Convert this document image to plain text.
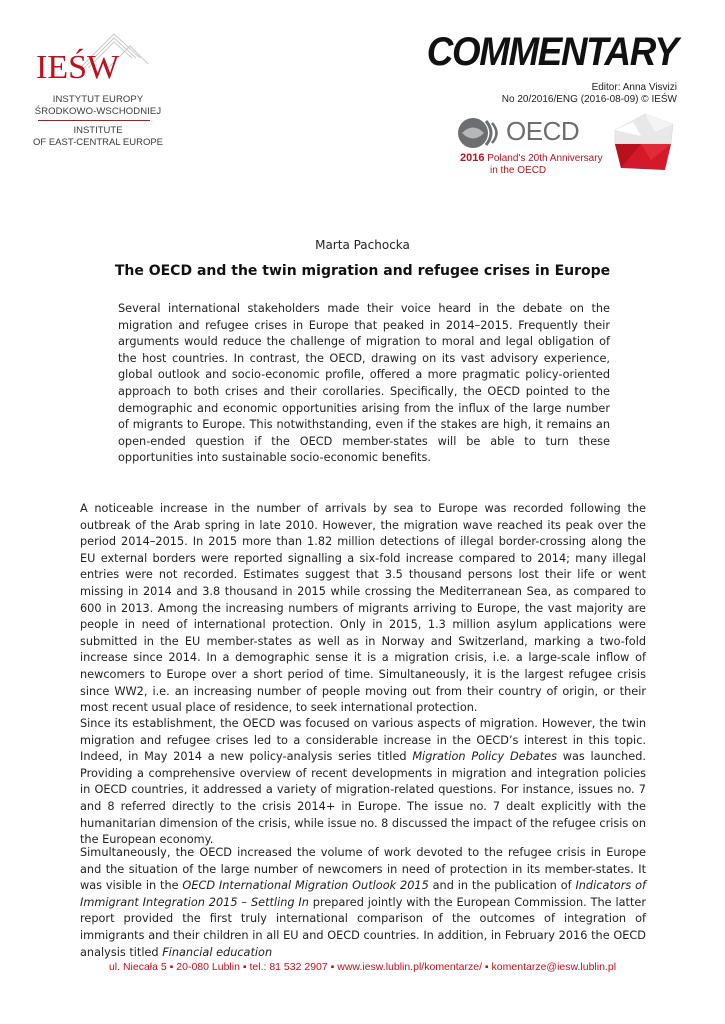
IEŚW
INSTYTUT EUROPY
ŚRODKOWO-WSCHODNIEJ
INSTITUTE
OF EAST-CENTRAL EUROPE
COMMENTARY
Editor: Anna Visvizi
No 20/2016/ENG (2016-08-09) © IEŚW
OECD
2016 Poland's 20th Anniversary
in the OECD
Marta Pachocka
The OECD and the twin migration and refugee crises in Europe
Several international stakeholders made their voice heard in the debate on the migration and refugee crises in Europe that peaked in 2014–2015. Frequently their arguments would reduce the challenge of migration to moral and legal obligation of the host countries. In contrast, the OECD, drawing on its vast advisory experience, global outlook and socio-economic profile, offered a more pragmatic policy-oriented approach to both crises and their corollaries. Specifically, the OECD pointed to the demographic and economic opportunities arising from the influx of the large number of migrants to Europe. This notwithstanding, even if the stakes are high, it remains an open-ended question if the OECD member-states will be able to turn these opportunities into sustainable socio-economic benefits.
A noticeable increase in the number of arrivals by sea to Europe was recorded following the outbreak of the Arab spring in late 2010. However, the migration wave reached its peak over the period 2014–2015. In 2015 more than 1.82 million detections of illegal border-crossing along the EU external borders were reported signalling a six-fold increase compared to 2014; many illegal entries were not recorded. Estimates suggest that 3.5 thousand persons lost their life or went missing in 2014 and 3.8 thousand in 2015 while crossing the Mediterranean Sea, as compared to 600 in 2013. Among the increasing numbers of migrants arriving to Europe, the vast majority are people in need of international protection. Only in 2015, 1.3 million asylum applications were submitted in the EU member-states as well as in Norway and Switzerland, marking a two-fold increase since 2014. In a demographic sense it is a migration crisis, i.e. a large-scale inflow of newcomers to Europe over a short period of time. Simultaneously, it is the largest refugee crisis since WW2, i.e. an increasing number of people moving out from their country of origin, or their most recent usual place of residence, to seek international protection.
Since its establishment, the OECD was focused on various aspects of migration. However, the twin migration and refugee crises led to a considerable increase in the OECD’s interest in this topic. Indeed, in May 2014 a new policy-analysis series titled Migration Policy Debates was launched. Providing a comprehensive overview of recent developments in migration and integration policies in OECD countries, it addressed a variety of migration-related questions. For instance, issues no. 7 and 8 referred directly to the crisis 2014+ in Europe. The issue no. 7 dealt explicitly with the humanitarian dimension of the crisis, while issue no. 8 discussed the impact of the refugee crisis on the European economy.
Simultaneously, the OECD increased the volume of work devoted to the refugee crisis in Europe and the situation of the large number of newcomers in need of protection in its member-states. It was visible in the OECD International Migration Outlook 2015 and in the publication of Indicators of Immigrant Integration 2015 – Settling In prepared jointly with the European Commission. The latter report provided the first truly international comparison of the outcomes of integration of immigrants and their children in all EU and OECD countries. In addition, in February 2016 the OECD analysis titled Financial education
ul. Niecała 5 ▪ 20-080 Lublin ▪ tel.: 81 532 2907 ▪ www.iesw.lublin.pl/komentarze/ ▪ komentarze@iesw.lublin.pl
